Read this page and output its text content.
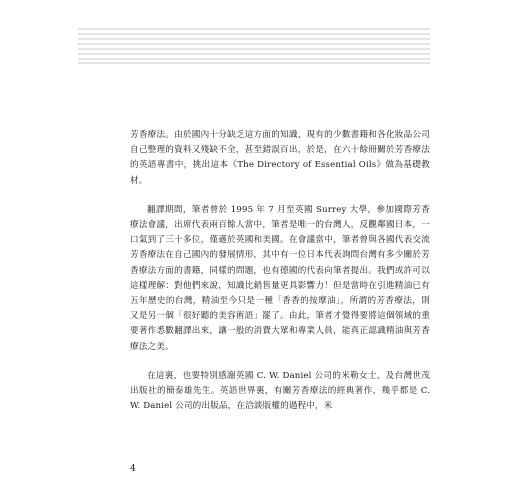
芳香療法。由於國內十分缺乏這方面的知識，現有的少數書籍和各化妝品公司自己整理的資料又殘缺不全，甚至錯誤百出，於是，在六十餘冊關於芳香療法的英語專書中，挑出這本《The Directory of Essential Oils》做為基礎教材。

翻譯期間，筆者曾於 1995 年 7 月至英國 Surrey 大學，參加國際芳香療法會議，出席代表兩百餘人當中，筆者是唯一的台灣人，反觀鄰國日本，一口氣到了三十多位，僅遜於英國和美國。在會議當中，筆者曾與各國代表交流芳香療法在自己國內的發展情形，其中有一位日本代表詢問台灣有多少關於芳香療法方面的書籍，同樣的問題，也有德國的代表向筆者提出。我們或許可以這樣理解：對他們來說，知識比銷售量更具影響力！但是當時在引進精油已有五年歷史的台灣，精油至今只是一種「香香的按摩油」，所謂的芳香療法，則又是另一個「很好聽的美容術語」罷了。由此，筆者才覺得要將這個領域的重要著作悉數翻譯出來，讓一般的消費大眾和專業人員，能真正認識精油與芳香療法之美。

在這裏，也要特別感謝英國 C. W. Daniel 公司的米勒女士，及台灣世茂出版社的簡泰雄先生。英語世界裏，有關芳香療法的經典著作，幾乎都是 C. W. Daniel 公司的出版品，在洽談版權的過程中，米

4
